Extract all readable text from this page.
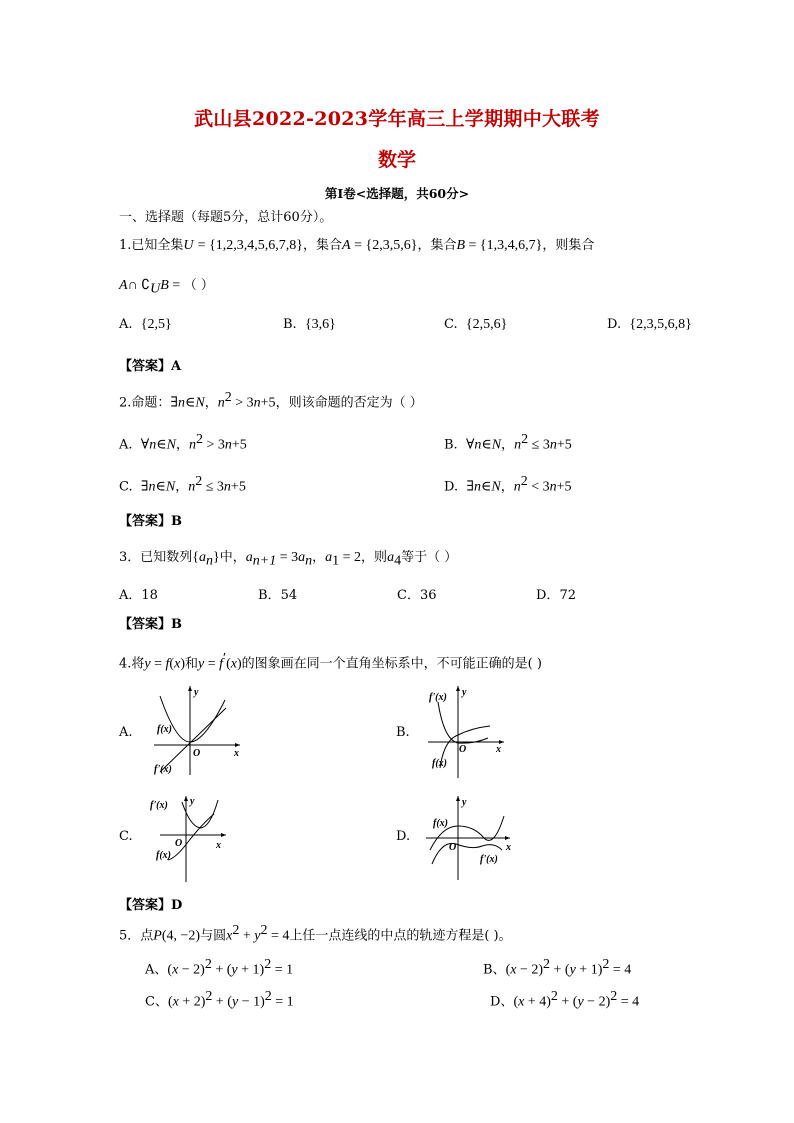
武山县2022-2023学年高三上学期期中大联考
数学
第Ⅰ卷<选择题，共60分>
一、选择题（每题5分，总计60分）。
1.已知全集U = {1,2,3,4,5,6,7,8}，集合A = {2,3,5,6}，集合B = {1,3,4,6,7}，则集合
A∩ $∁_UB$ = （ ）
A. {2,5}	B. {3,6}	C. {2,5,6}	D. {2,3,5,6,8}
【答案】A
2.命题：∃n∈N，$n^2 > 3n+5$，则该命题的否定为（ ）
A. ∀n∈N，$n^2 > 3n+5$	B. ∀n∈N，$n^2 \le 3n+5$
C. ∃n∈N，$n^2 \le 3n+5$	D. ∃n∈N，$n^2 < 3n+5$
【答案】B
3．已知数列$\{a_n\}$中，$a_{n+1} = 3a_n$，$a_1 = 2$，则$a_4$等于（ ）
A．18	B．54	C．36	D．72
【答案】B
4.将y = f(x)和y = f′(x)的图象画在同一个直角坐标系中，不可能正确的是( )
A.
y
x
O
f(x)
f'(x)
B.
y
x
O
f'(x)
f(x)
C.
f'(x)
O	x
f(x)
y
D.
y
f(x)
O	x
f'(x)
【答案】D
5．点P(4, −2)与圆$x^2 + y^2 = 4$上任一点连线的中点的轨迹方程是( )。
A、$(x - 2)^2 + (y + 1)^2 = 1$	B、$(x - 2)^2 + (y + 1)^2 = 4$
C、$(x + 2)^2 + (y - 1)^2 = 1$	D、$(x + 4)^2 + (y - 2)^2 = 4$
